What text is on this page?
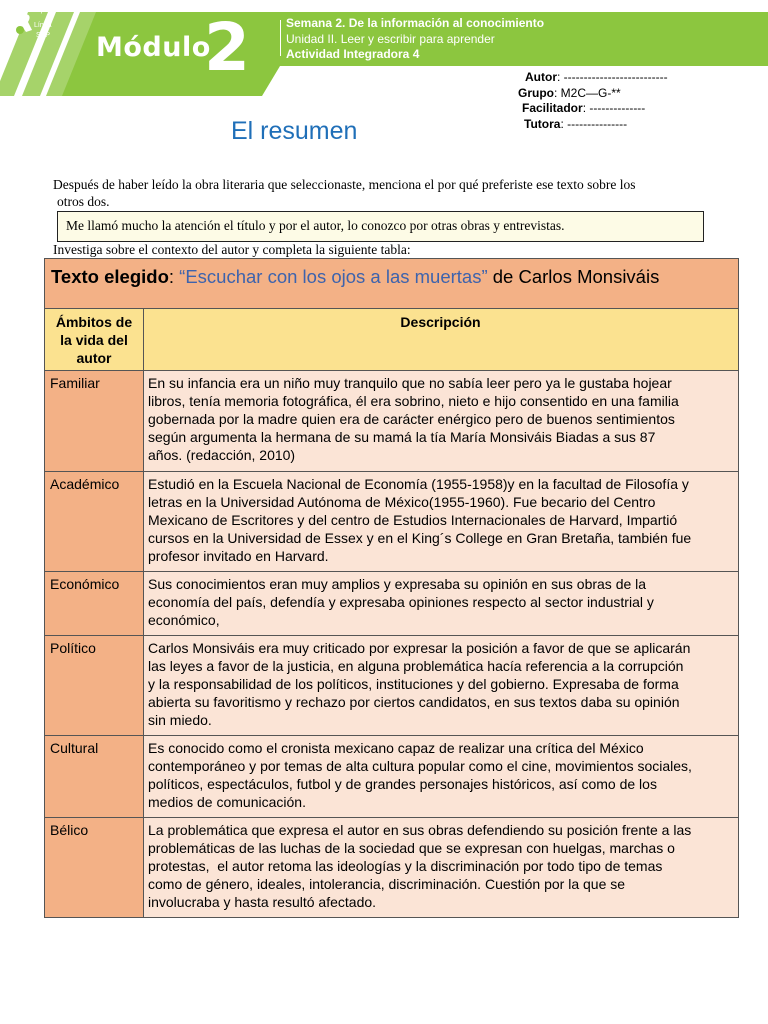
Módulo
2	Semana 2. De la información al conocimiento
Unidad II. Leer y escribir para aprender
Actividad Integradora 4
Prepa en
Línea
SEP
Autor: --------------------------
Grupo: M2C—G-**
Facilitador: --------------
Tutora: ---------------
El resumen
Después de haber leído la obra literaria que seleccionaste, menciona el por qué preferiste ese texto sobre los
otros dos.
Me llamó mucho la atención el título y por el autor, lo conozco por otras obras y entrevistas.
Investiga sobre el contexto del autor y completa la siguiente tabla:
Texto elegido: “Escuchar con los ojos a las muertas” de Carlos Monsiváis
Ámbitos de
la vida del
autor
Descripción
Familiar	En su infancia era un niño muy tranquilo que no sabía leer pero ya le gustaba hojear
libros, tenía memoria fotográfica, él era sobrino, nieto e hijo consentido en una familia
gobernada por la madre quien era de carácter enérgico pero de buenos sentimientos
según argumenta la hermana de su mamá la tía María Monsiváis Biadas a sus 87
años. (redacción, 2010)
Académico	Estudió en la Escuela Nacional de Economía (1955-1958)y en la facultad de Filosofía y
letras en la Universidad Autónoma de México(1955-1960). Fue becario del Centro
Mexicano de Escritores y del centro de Estudios Internacionales de Harvard, Impartió
cursos en la Universidad de Essex y en el King´s College en Gran Bretaña, también fue
profesor invitado en Harvard.
Económico	Sus conocimientos eran muy amplios y expresaba su opinión en sus obras de la
economía del país, defendía y expresaba opiniones respecto al sector industrial y
económico,
Político	Carlos Monsiváis era muy criticado por expresar la posición a favor de que se aplicarán
las leyes a favor de la justicia, en alguna problemática hacía referencia a la corrupción
y la responsabilidad de los políticos, instituciones y del gobierno. Expresaba de forma
abierta su favoritismo y rechazo por ciertos candidatos, en sus textos daba su opinión
sin miedo.
Cultural	Es conocido como el cronista mexicano capaz de realizar una crítica del México
contemporáneo y por temas de alta cultura popular como el cine, movimientos sociales,
políticos, espectáculos, futbol y de grandes personajes históricos, así como de los
medios de comunicación.
Bélico	La problemática que expresa el autor en sus obras defendiendo su posición frente a las
problemáticas de las luchas de la sociedad que se expresan con huelgas, marchas o
protestas,  el autor retoma las ideologías y la discriminación por todo tipo de temas
como de género, ideales, intolerancia, discriminación. Cuestión por la que se
involucraba y hasta resultó afectado.
